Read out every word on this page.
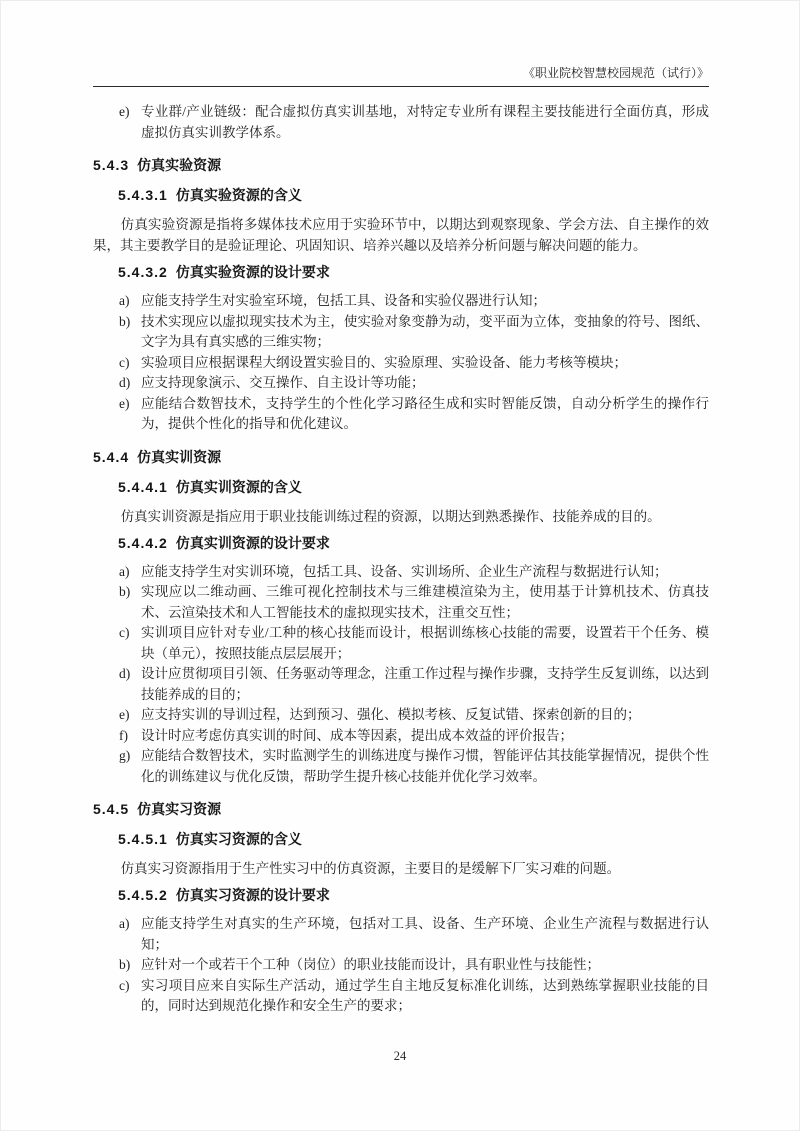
《职业院校智慧校园规范（试行）》
e) 专业群/产业链级：配合虚拟仿真实训基地，对特定专业所有课程主要技能进行全面仿真，形成虚拟仿真实训教学体系。
5.4.3 仿真实验资源
5.4.3.1 仿真实验资源的含义

仿真实验资源是指将多媒体技术应用于实验环节中，以期达到观察现象、学会方法、自主操作的效果，其主要教学目的是验证理论、巩固知识、培养兴趣以及培养分析问题与解决问题的能力。

5.4.3.2 仿真实验资源的设计要求
a) 应能支持学生对实验室环境，包括工具、设备和实验仪器进行认知；
b) 技术实现应以虚拟现实技术为主，使实验对象变静为动，变平面为立体，变抽象的符号、图纸、文字为具有真实感的三维实物；
c) 实验项目应根据课程大纲设置实验目的、实验原理、实验设备、能力考核等模块；
d) 应支持现象演示、交互操作、自主设计等功能；
e) 应能结合数智技术，支持学生的个性化学习路径生成和实时智能反馈，自动分析学生的操作行为，提供个性化的指导和优化建议。
5.4.4 仿真实训资源
5.4.4.1 仿真实训资源的含义

仿真实训资源是指应用于职业技能训练过程的资源，以期达到熟悉操作、技能养成的目的。

5.4.4.2 仿真实训资源的设计要求
a) 应能支持学生对实训环境，包括工具、设备、实训场所、企业生产流程与数据进行认知；
b) 实现应以二维动画、三维可视化控制技术与三维建模渲染为主，使用基于计算机技术、仿真技术、云渲染技术和人工智能技术的虚拟现实技术，注重交互性；
c) 实训项目应针对专业/工种的核心技能而设计，根据训练核心技能的需要，设置若干个任务、模块（单元），按照技能点层层展开；
d) 设计应贯彻项目引领、任务驱动等理念，注重工作过程与操作步骤，支持学生反复训练，以达到技能养成的目的；
e) 应支持实训的导训过程，达到预习、强化、模拟考核、反复试错、探索创新的目的；
f) 设计时应考虑仿真实训的时间、成本等因素，提出成本效益的评价报告；
g) 应能结合数智技术，实时监测学生的训练进度与操作习惯，智能评估其技能掌握情况，提供个性化的训练建议与优化反馈，帮助学生提升核心技能并优化学习效率。
5.4.5 仿真实习资源
5.4.5.1 仿真实习资源的含义

仿真实习资源指用于生产性实习中的仿真资源，主要目的是缓解下厂实习难的问题。

5.4.5.2 仿真实习资源的设计要求
a) 应能支持学生对真实的生产环境，包括对工具、设备、生产环境、企业生产流程与数据进行认知；
b) 应针对一个或若干个工种（岗位）的职业技能而设计，具有职业性与技能性；
c) 实习项目应来自实际生产活动，通过学生自主地反复标准化训练，达到熟练掌握职业技能的目的，同时达到规范化操作和安全生产的要求；
24
